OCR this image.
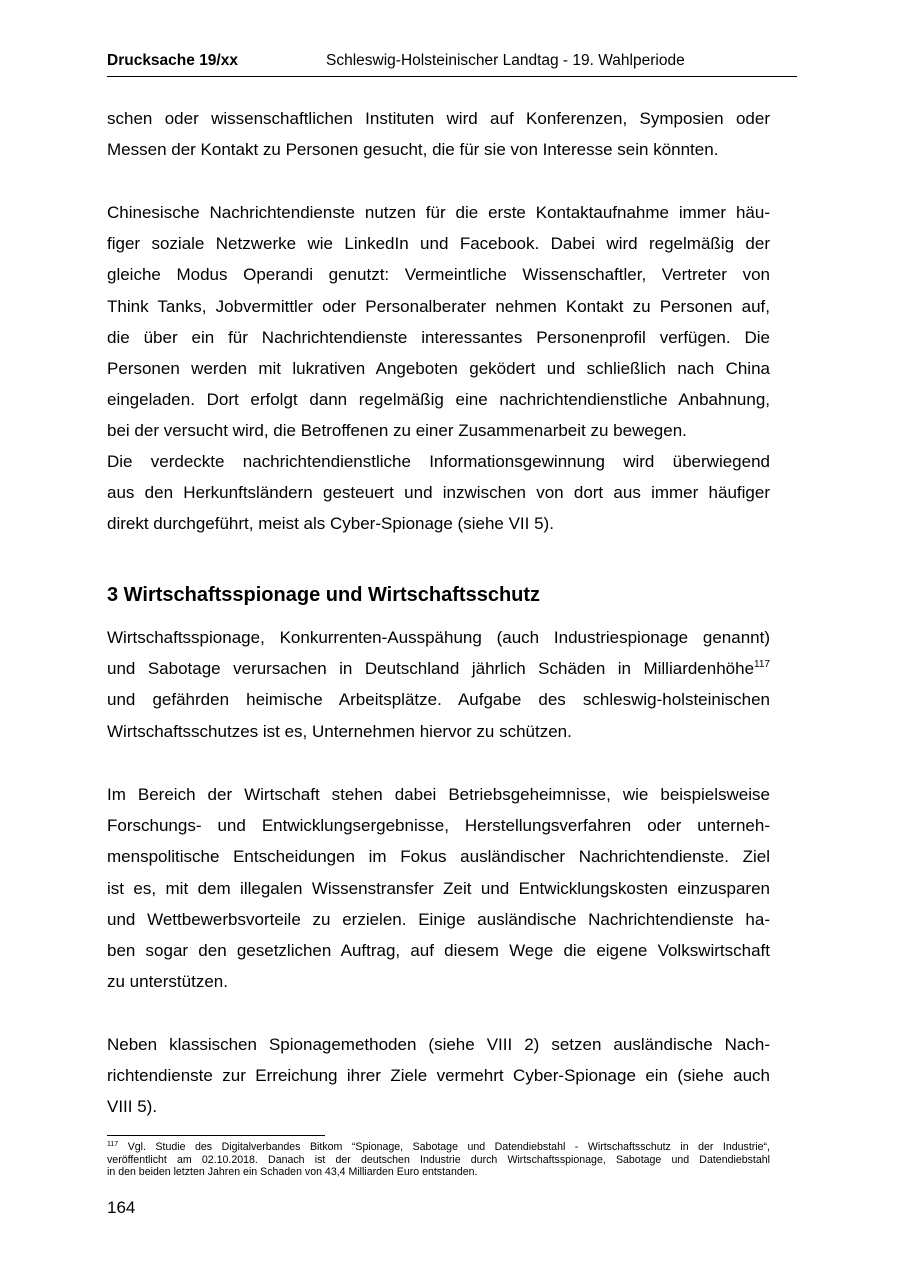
Drucksache 19/xx	Schleswig-Holsteinischer Landtag - 19. Wahlperiode
schen oder wissenschaftlichen Instituten wird auf Konferenzen, Symposien oder
Messen der Kontakt zu Personen gesucht, die für sie von Interesse sein könnten.
Chinesische Nachrichtendienste nutzen für die erste Kontaktaufnahme immer häu-
figer soziale Netzwerke wie LinkedIn und Facebook. Dabei wird regelmäßig der
gleiche Modus Operandi genutzt: Vermeintliche Wissenschaftler, Vertreter von
Think Tanks, Jobvermittler oder Personalberater nehmen Kontakt zu Personen auf,
die über ein für Nachrichtendienste interessantes Personenprofil verfügen. Die
Personen werden mit lukrativen Angeboten geködert und schließlich nach China
eingeladen. Dort erfolgt dann regelmäßig eine nachrichtendienstliche Anbahnung,
bei der versucht wird, die Betroffenen zu einer Zusammenarbeit zu bewegen.
Die verdeckte nachrichtendienstliche Informationsgewinnung wird überwiegend
aus den Herkunftsländern gesteuert und inzwischen von dort aus immer häufiger
direkt durchgeführt, meist als Cyber-Spionage (siehe VII 5).
3 Wirtschaftsspionage und Wirtschaftsschutz
Wirtschaftsspionage, Konkurrenten-Ausspähung (auch Industriespionage genannt)
und Sabotage verursachen in Deutschland jährlich Schäden in Milliardenhöhe$^{117}$
und gefährden heimische Arbeitsplätze. Aufgabe des schleswig-holsteinischen
Wirtschaftsschutzes ist es, Unternehmen hiervor zu schützen.
Im Bereich der Wirtschaft stehen dabei Betriebsgeheimnisse, wie beispielsweise
Forschungs- und Entwicklungsergebnisse, Herstellungsverfahren oder unterneh-
menspolitische Entscheidungen im Fokus ausländischer Nachrichtendienste. Ziel
ist es, mit dem illegalen Wissenstransfer Zeit und Entwicklungskosten einzusparen
und Wettbewerbsvorteile zu erzielen. Einige ausländische Nachrichtendienste ha-
ben sogar den gesetzlichen Auftrag, auf diesem Wege die eigene Volkswirtschaft
zu unterstützen.
Neben klassischen Spionagemethoden (siehe VIII 2) setzen ausländische Nach-
richtendienste zur Erreichung ihrer Ziele vermehrt Cyber-Spionage ein (siehe auch
VIII 5).
$^{117}$ Vgl. Studie des Digitalverbandes Bitkom “Spionage, Sabotage und Datendiebstahl - Wirtschaftsschutz in der Industrie“,
veröffentlicht am 02.10.2018. Danach ist der deutschen Industrie durch Wirtschaftsspionage, Sabotage und Datendiebstahl
in den beiden letzten Jahren ein Schaden von 43,4 Milliarden Euro entstanden.
164
